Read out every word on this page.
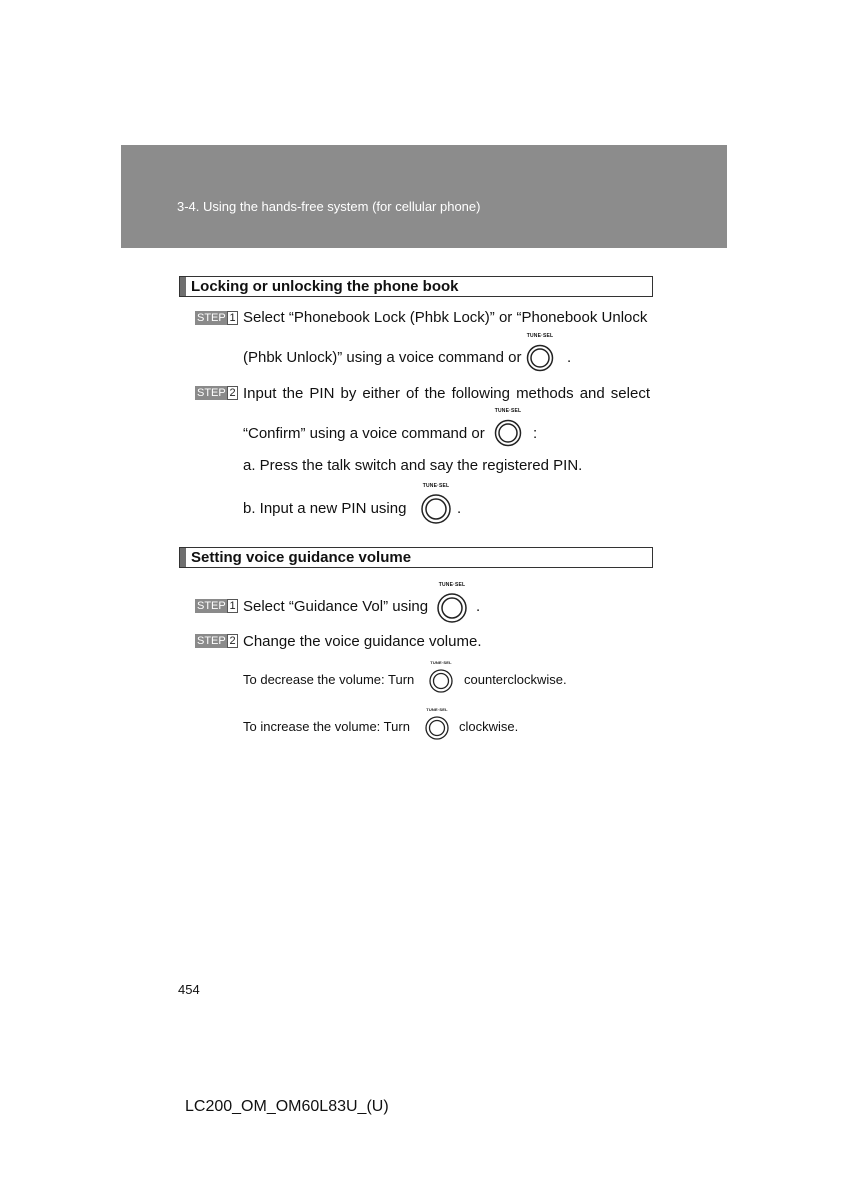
3-4. Using the hands-free system (for cellular phone)
Locking or unlocking the phone book
STEP 1 Select “Phonebook Lock (Phbk Lock)” or “Phonebook Unlock
(Phbk Unlock)” using a voice command or
TUNE·SEL
.
STEP 2 Input the PIN by either of the following methods and select
“Confirm” using a voice command or
TUNE·SEL
:
a. Press the talk switch and say the registered PIN.
b. Input a new PIN using
TUNE·SEL
.
Setting voice guidance volume
STEP 1 Select “Guidance Vol” using
TUNE·SEL
.
STEP 2 Change the voice guidance volume.
To decrease the volume: Turn
TUNE·SEL
counterclockwise.
To increase the volume: Turn
TUNE·SEL
clockwise.
454
LC200_OM_OM60L83U_(U)
